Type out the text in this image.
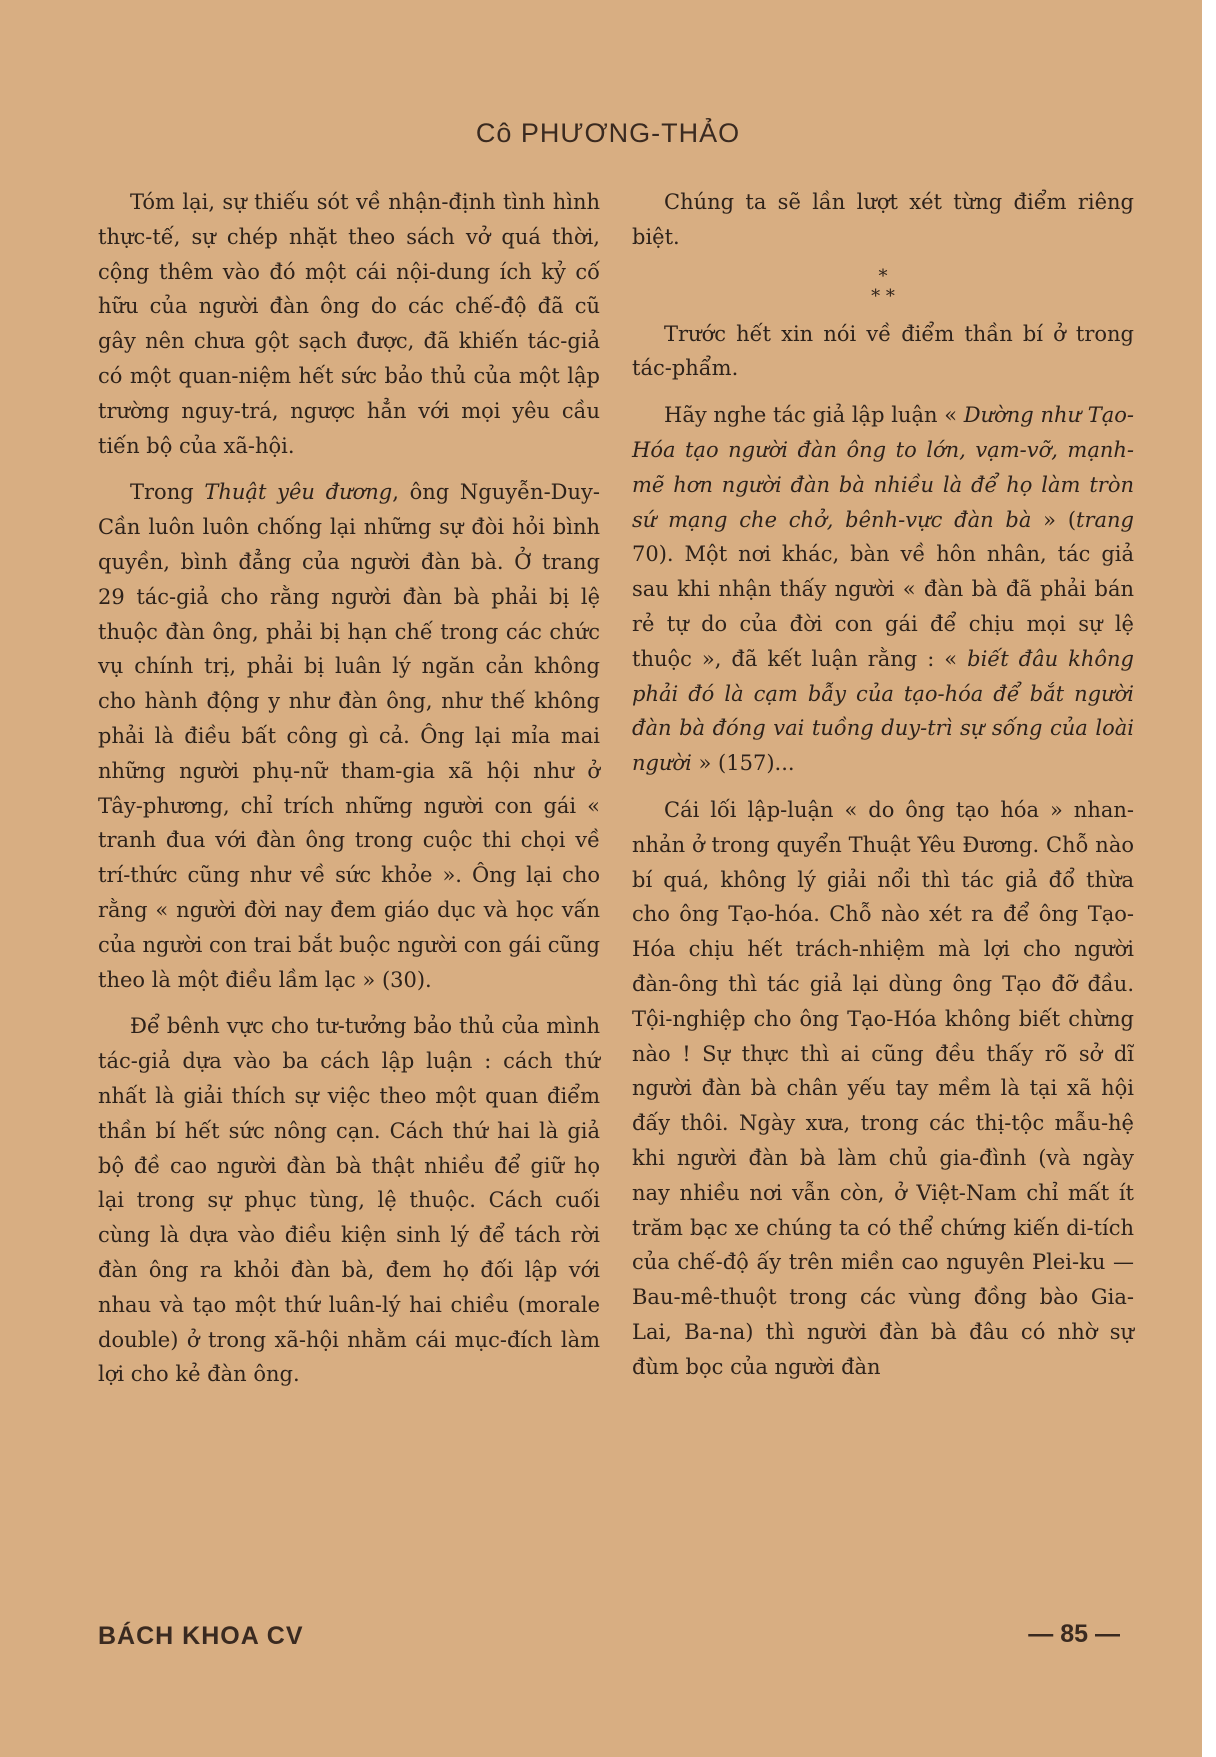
Cô PHƯƠNG-THẢO

Tóm lại, sự thiếu sót về nhận-định tình hình thực-tế, sự chép nhặt theo sách vở quá thời, cộng thêm vào đó một cái nội-dung ích kỷ cố hữu của người đàn ông do các chế-độ đã cũ gây nên chưa gột sạch được, đã khiến tác-giả có một quan-niệm hết sức bảo thủ của một lập trường nguy-trá, ngược hẳn với mọi yêu cầu tiến bộ của xã-hội.

Trong Thuật yêu đương, ông Nguyễn-Duy-Cần luôn luôn chống lại những sự đòi hỏi bình quyền, bình đẳng của người đàn bà. Ở trang 29 tác-giả cho rằng người đàn bà phải bị lệ thuộc đàn ông, phải bị hạn chế trong các chức vụ chính trị, phải bị luân lý ngăn cản không cho hành động y như đàn ông, như thế không phải là điều bất công gì cả. Ông lại mỉa mai những người phụ-nữ tham-gia xã hội như ở Tây-phương, chỉ trích những người con gái « tranh đua với đàn ông trong cuộc thi chọi về trí-thức cũng như về sức khỏe ». Ông lại cho rằng « người đời nay đem giáo dục và học vấn của người con trai bắt buộc người con gái cũng theo là một điều lầm lạc » (30).

Để bênh vực cho tư-tưởng bảo thủ của mình tác-giả dựa vào ba cách lập luận : cách thứ nhất là giải thích sự việc theo một quan điểm thần bí hết sức nông cạn. Cách thứ hai là giả bộ đề cao người đàn bà thật nhiều để giữ họ lại trong sự phục tùng, lệ thuộc. Cách cuối cùng là dựa vào điều kiện sinh lý để tách rời đàn ông ra khỏi đàn bà, đem họ đối lập với nhau và tạo một thứ luân-lý hai chiều (morale double) ở trong xã-hội nhằm cái mục-đích làm lợi cho kẻ đàn ông.

Chúng ta sẽ lần lượt xét từng điểm riêng biệt.

*
* *

Trước hết xin nói về điểm thần bí ở trong tác-phẩm.

Hãy nghe tác giả lập luận « Dường như Tạo-Hóa tạo người đàn ông to lớn, vạm-vỡ, mạnh-mẽ hơn người đàn bà nhiều là để họ làm tròn sứ mạng che chở, bênh-vực đàn bà » (trang 70). Một nơi khác, bàn về hôn nhân, tác giả sau khi nhận thấy người « đàn bà đã phải bán rẻ tự do của đời con gái để chịu mọi sự lệ thuộc », đã kết luận rằng : « biết đâu không phải đó là cạm bẫy của tạo-hóa để bắt người đàn bà đóng vai tuồng duy-trì sự sống của loài người » (157)...

Cái lối lập-luận « do ông tạo hóa » nhan-nhản ở trong quyển Thuật Yêu Đương. Chỗ nào bí quá, không lý giải nổi thì tác giả đổ thừa cho ông Tạo-hóa. Chỗ nào xét ra để ông Tạo-Hóa chịu hết trách-nhiệm mà lợi cho người đàn-ông thì tác giả lại dùng ông Tạo đỡ đầu. Tội-nghiệp cho ông Tạo-Hóa không biết chừng nào ! Sự thực thì ai cũng đều thấy rõ sở dĩ người đàn bà chân yếu tay mềm là tại xã hội đấy thôi. Ngày xưa, trong các thị-tộc mẫu-hệ khi người đàn bà làm chủ gia-đình (và ngày nay nhiều nơi vẫn còn, ở Việt-Nam chỉ mất ít trăm bạc xe chúng ta có thể chứng kiến di-tích của chế-độ ấy trên miền cao nguyên Plei-ku — Bau-mê-thuột trong các vùng đồng bào Gia-Lai, Ba-na) thì người đàn bà đâu có nhờ sự đùm bọc của người đàn

BÁCH KHOA CV	— 85 —
